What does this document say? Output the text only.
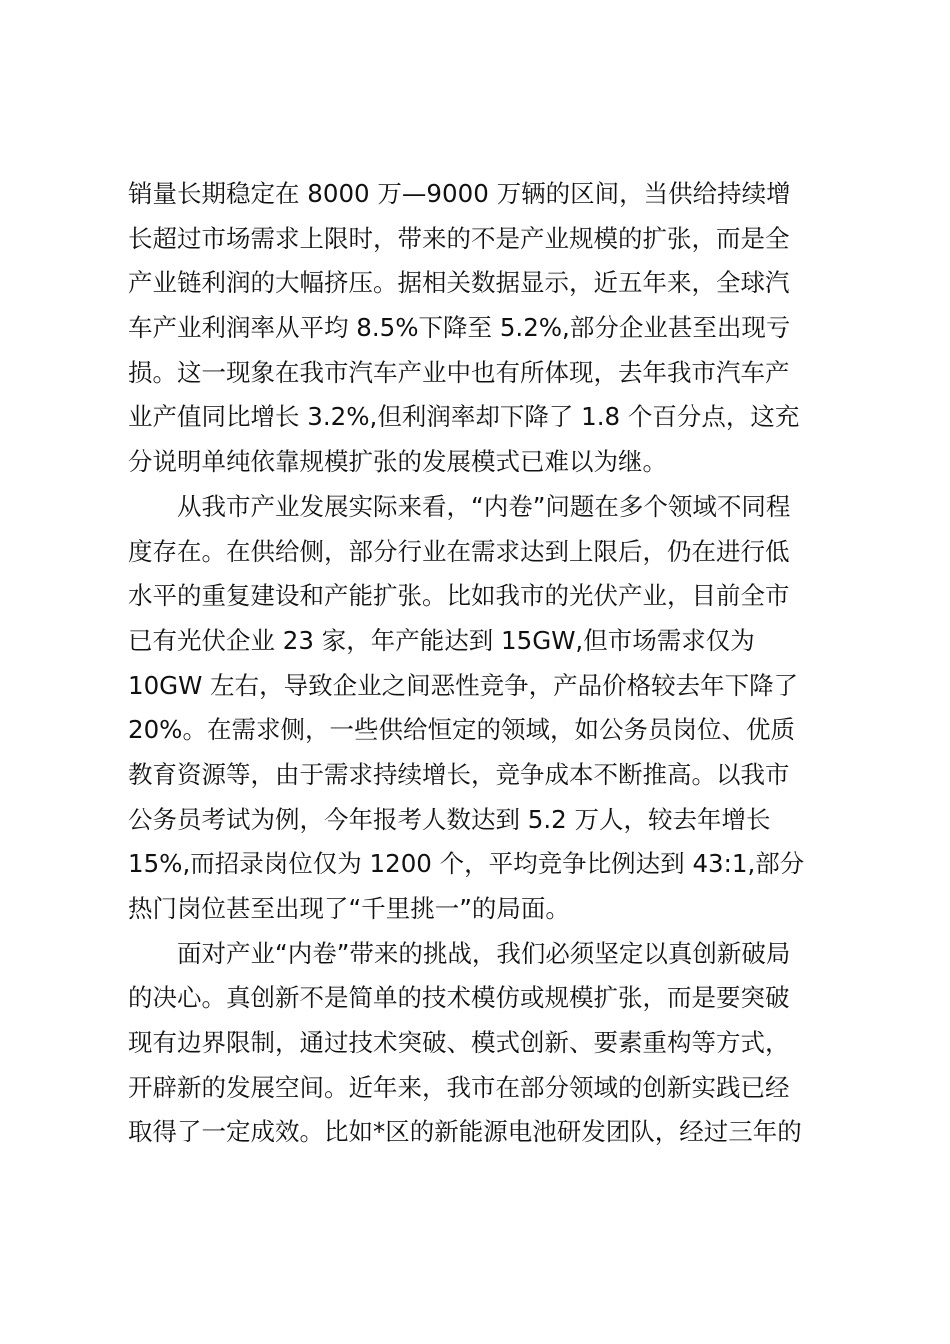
销量长期稳定在 8000 万—9000 万辆的区间，当供给持续增
长超过市场需求上限时，带来的不是产业规模的扩张，而是全
产业链利润的大幅挤压。据相关数据显示，近五年来，全球汽
车产业利润率从平均 8.5%下降至 5.2%,部分企业甚至出现亏
损。这一现象在我市汽车产业中也有所体现，去年我市汽车产
业产值同比增长 3.2%,但利润率却下降了 1.8 个百分点，这充
分说明单纯依靠规模扩张的发展模式已难以为继。
从我市产业发展实际来看，“内卷”问题在多个领域不同程
度存在。在供给侧，部分行业在需求达到上限后，仍在进行低
水平的重复建设和产能扩张。比如我市的光伏产业，目前全市
已有光伏企业 23 家，年产能达到 15GW,但市场需求仅为
10GW 左右，导致企业之间恶性竞争，产品价格较去年下降了
20%。在需求侧，一些供给恒定的领域，如公务员岗位、优质
教育资源等，由于需求持续增长，竞争成本不断推高。以我市
公务员考试为例，今年报考人数达到 5.2 万人，较去年增长
15%,而招录岗位仅为 1200 个，平均竞争比例达到 43:1,部分
热门岗位甚至出现了“千里挑一”的局面。
面对产业“内卷”带来的挑战，我们必须坚定以真创新破局
的决心。真创新不是简单的技术模仿或规模扩张，而是要突破
现有边界限制，通过技术突破、模式创新、要素重构等方式，
开辟新的发展空间。近年来，我市在部分领域的创新实践已经
取得了一定成效。比如*区的新能源电池研发团队，经过三年的
